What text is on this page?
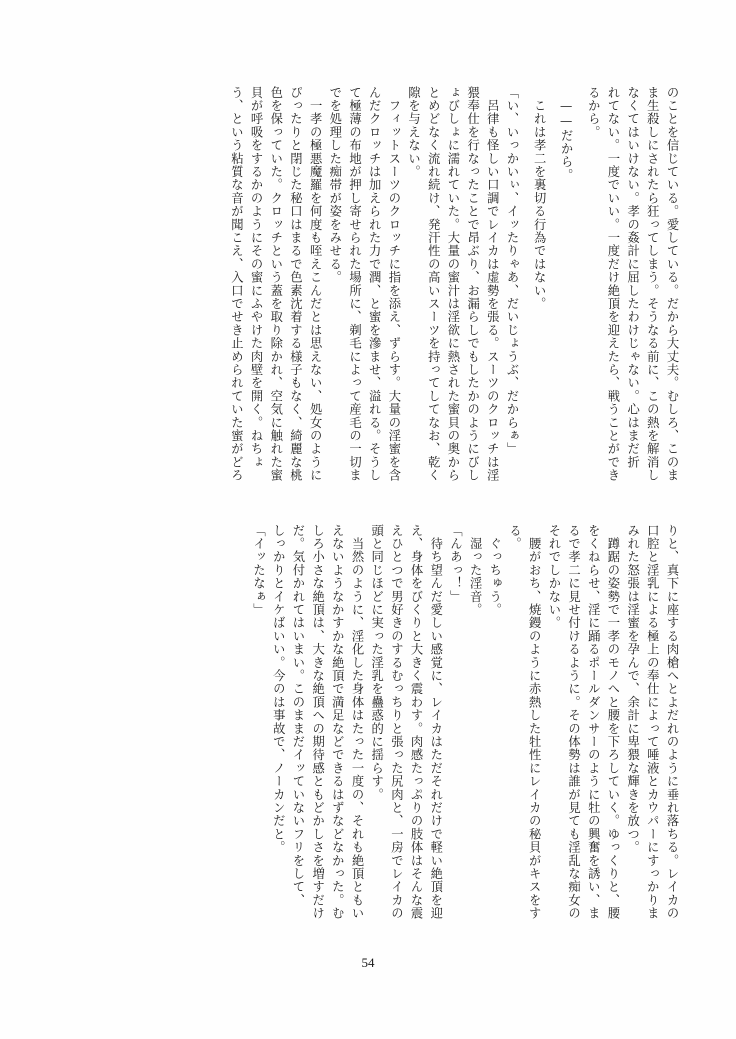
のことを信じている。愛している。だから大丈夫。むしろ、このま
ま生殺しにされたら狂ってしまう。そうなる前に、この熱を解消し
なくてはいけない。孝の姦計に屈したわけじゃない。心はまだ折
れてない。一度でいい。一度だけ絶頂を迎えたら、戦うことができ
るから。
　——だから。
　これは孝二を裏切る行為ではない。
「い、いっかいぃ、イッたりゃあ、だいじょうぶ、だからぁ」
　呂律も怪しい口調でレイカは虚勢を張る。スーツのクロッチは淫
猥奉仕を行なったことで昂ぶり、お漏らしでもしたかのようにびし
ょびしょに濡れていた。大量の蜜汁は淫欲に熱された蜜貝の奥から
とめどなく流れ続け、発汗性の高いスーツを持ってしてなお、乾く
隙を与えない。
　フィットスーツのクロッチに指を添え、ずらす。大量の淫蜜を含
んだクロッチは加えられた力で潤、と蜜を滲ませ、溢れる。そうし
て極薄の布地が押し寄せられた場所に、剃毛によって産毛の一切ま
でを処理した痴帯が姿をみせる。
　一孝の極悪魔羅を何度も咥えこんだとは思えない、処女のように
ぴったりと閉じた秘口はまるで色素沈着する様子もなく、綺麗な桃
色を保っていた。クロッチという蓋を取り除かれ、空気に触れた蜜
貝が呼吸をするかのようにその蜜にふやけた肉壁を開く。ねちょ
う、という粘質な音が聞こえ、入口でせき止められていた蜜がどろ
りと、真下に座する肉槍へとよだれのように垂れ落ちる。レイカの
口腔と淫乳による極上の奉仕によって唾液とカウパーにすっかりま
みれた怒張は淫蜜を孕んで、余計に卑猥な輝きを放つ。
　蹲踞の姿勢で一孝のモノへと腰を下ろしていく。ゆっくりと、腰
をくねらせ、淫に踊るポールダンサーのように牡の興奮を誘い、ま
るで孝二に見せ付けるように。その体勢は誰が見ても淫乱な痴女の
それでしかない。
　腰がおち、焼鏝のように赤熱した牡性にレイカの秘貝がキスをす
る。
　ぐっちゅう。
　湿った淫音。
「んあっ！」
　待ち望んだ愛しい感覚に、レイカはただそれだけで軽い絶頂を迎
え、身体をびくりと大きく震わす。肉感たっぷりの肢体はそんな震
えひとつで男好きのするむっちりと張った尻肉と、一房でレイカの
頭と同じほどに実った淫乳を蠱惑的に揺らす。
　当然のように、淫化した身体はたった一度の、それも絶頂ともい
えないようなかすかな絶頂で満足などできるはずなどなかった。む
しろ小さな絶頂は、大きな絶頂への期待感ともどかしさを増すだけ
だ。気付かれてはいまい。このままだイッていないフリをして、
しっかりとイケばいい。今のは事故で、ノーカンだと。
「イッたなぁ」
54
